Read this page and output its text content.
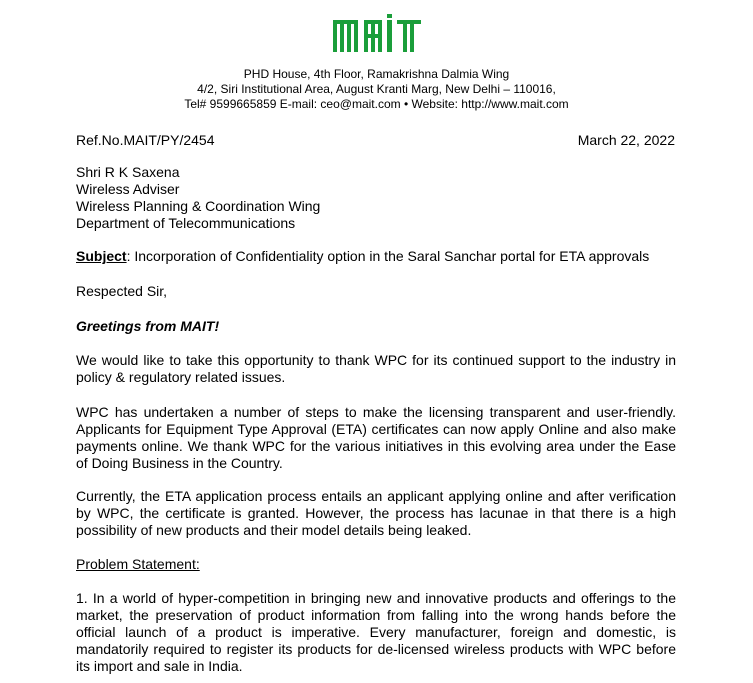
PHD House, 4th Floor, Ramakrishna Dalmia Wing
4/2, Siri Institutional Area, August Kranti Marg, New Delhi – 110016,
Tel# 9599665859 E-mail: ceo@mait.com • Website: http://www.mait.com
Ref.No.MAIT/PY/2454	March 22, 2022
Shri R K Saxena
Wireless Adviser
Wireless Planning & Coordination Wing
Department of Telecommunications
Subject: Incorporation of Confidentiality option in the Saral Sanchar portal for ETA approvals
Respected Sir,
Greetings from MAIT!
We would like to take this opportunity to thank WPC for its continued support to the industry in policy & regulatory related issues.
WPC has undertaken a number of steps to make the licensing transparent and user-friendly. Applicants for Equipment Type Approval (ETA) certificates can now apply Online and also make payments online. We thank WPC for the various initiatives in this evolving area under the Ease of Doing Business in the Country.
Currently, the ETA application process entails an applicant applying online and after verification by WPC, the certificate is granted. However, the process has lacunae in that there is a high possibility of new products and their model details being leaked.
Problem Statement:
1. In a world of hyper-competition in bringing new and innovative products and offerings to the market, the preservation of product information from falling into the wrong hands before the official launch of a product is imperative. Every manufacturer, foreign and domestic, is mandatorily required to register its products for de-licensed wireless products with WPC before its import and sale in India.
